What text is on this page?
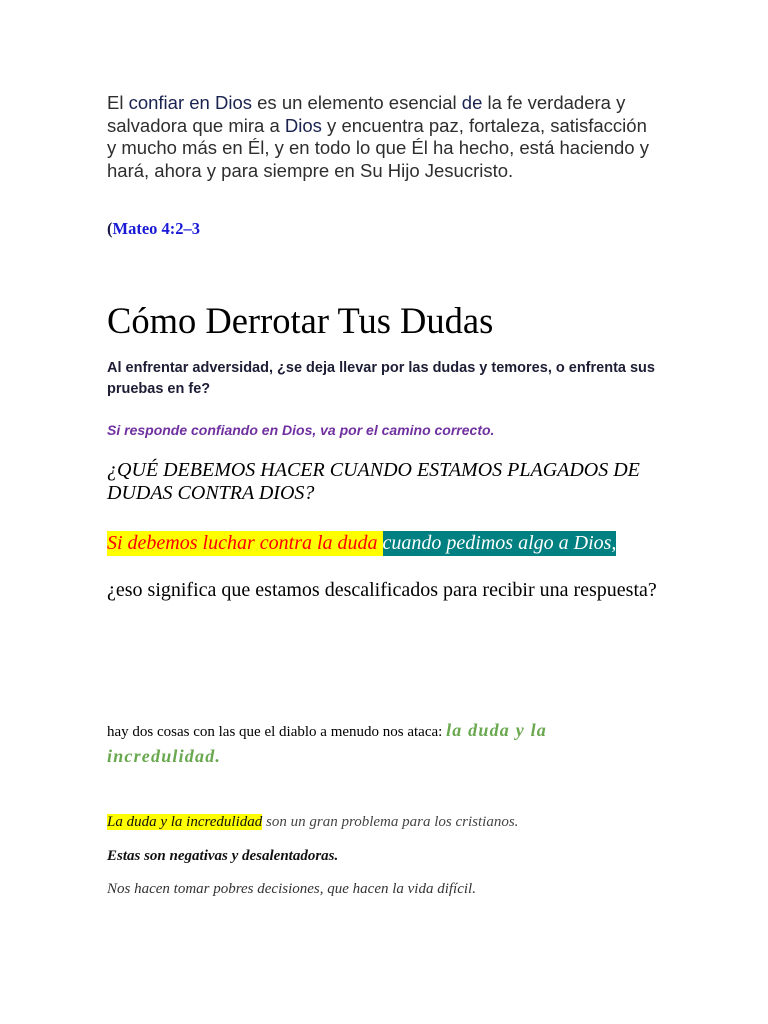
El confiar en Dios es un elemento esencial de la fe verdadera y
salvadora que mira a Dios y encuentra paz, fortaleza, satisfacción
y mucho más en Él, y en todo lo que Él ha hecho, está haciendo y
hará, ahora y para siempre en Su Hijo Jesucristo.

(Mateo 4:2–3

Cómo Derrotar Tus Dudas

Al enfrentar adversidad, ¿se deja llevar por las dudas y temores, o enfrenta sus pruebas en fe?

Si responde confiando en Dios, va por el camino correcto.

¿QUÉ DEBEMOS HACER CUANDO ESTAMOS PLAGADOS DE DUDAS CONTRA DIOS?

Si debemos luchar contra la duda cuando pedimos algo a Dios,

¿eso significa que estamos descalificados para recibir una respuesta?

hay dos cosas con las que el diablo a menudo nos ataca: la duda y la incredulidad.

La duda y la incredulidad son un gran problema para los cristianos.

Estas son negativas y desalentadoras.

Nos hacen tomar pobres decisiones, que hacen la vida difícil.
